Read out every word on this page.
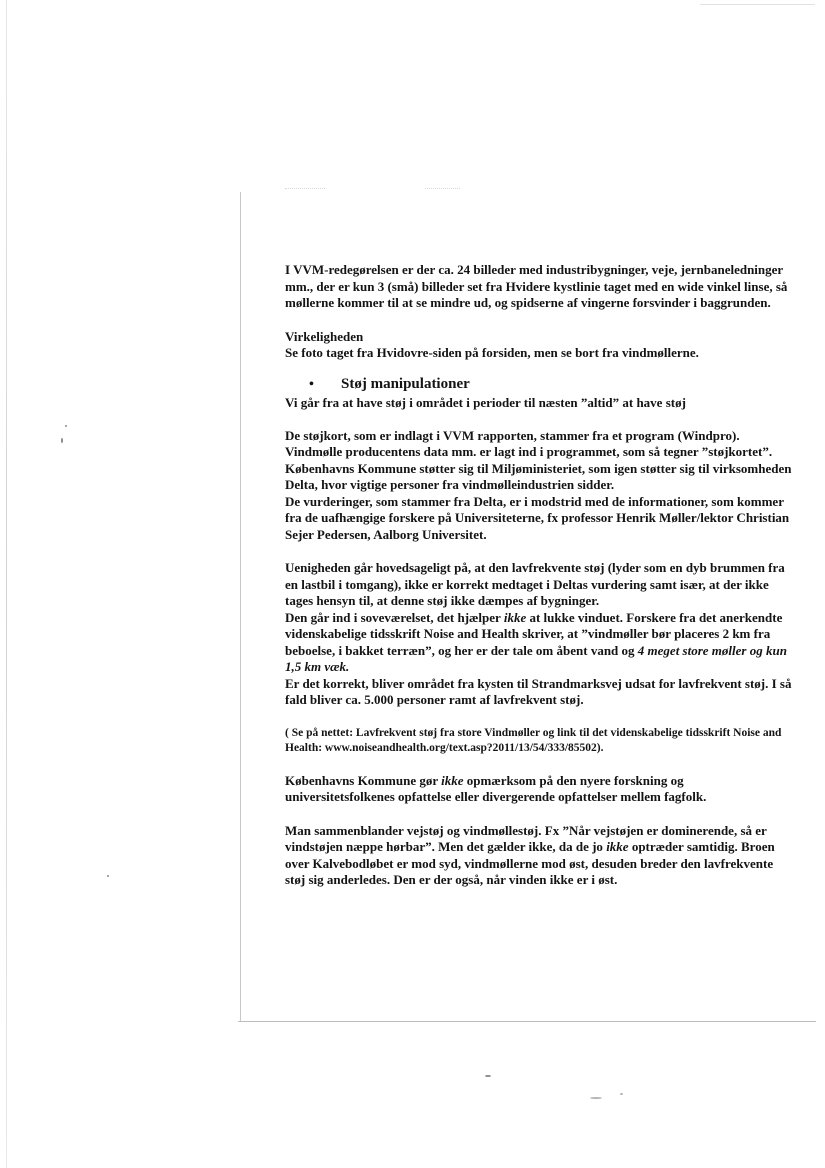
I VVM-redegørelsen er der ca. 24 billeder med industribygninger, veje, jernbaneledninger mm., der er kun 3 (små) billeder set fra Hvidere kystlinie taget med en wide vinkel linse, så møllerne kommer til at se mindre ud, og spidserne af vingerne forsvinder i baggrunden.

Virkeligheden

Se foto taget fra Hvidovre-siden på forsiden, men se bort fra vindmøllerne.

•	Støj manipulationer

Vi går fra at have støj i området i perioder til næsten ”altid” at have støj

De støjkort, som er indlagt i VVM rapporten, stammer fra et program (Windpro). Vindmølle producentens data mm. er lagt ind i programmet, som så tegner ”støjkortet”.

Københavns Kommune støtter sig til Miljøministeriet, som igen støtter sig til virksomheden Delta, hvor vigtige personer fra vindmølleindustrien sidder.

De vurderinger, som stammer fra Delta, er i modstrid med de informationer, som kommer fra de uafhængige forskere på Universiteterne, fx professor Henrik Møller/lektor Christian Sejer Pedersen, Aalborg Universitet.

Uenigheden går hovedsageligt på, at den lavfrekvente støj (lyder som en dyb brummen fra en lastbil i tomgang), ikke er korrekt medtaget i Deltas vurdering samt især, at der ikke tages hensyn til, at denne støj ikke dæmpes af bygninger.

Den går ind i soveværelset, det hjælper ikke at lukke vinduet. Forskere fra det anerkendte videnskabelige tidsskrift Noise and Health skriver, at ”vindmøller bør placeres 2 km fra beboelse, i bakket terræn”, og her er der tale om åbent vand og 4 meget store møller og kun 1,5 km væk.

Er det korrekt, bliver området fra kysten til Strandmarksvej udsat for lavfrekvent støj. I så fald bliver ca. 5.000 personer ramt af lavfrekvent støj.

( Se på nettet: Lavfrekvent støj fra store Vindmøller og link til det videnskabelige tidsskrift Noise and Health: www.noiseandhealth.org/text.asp?2011/13/54/333/85502).

Københavns Kommune gør ikke opmærksom på den nyere forskning og universitetsfolkenes opfattelse eller divergerende opfattelser mellem fagfolk.

Man sammenblander vejstøj og vindmøllestøj. Fx ”Når vejstøjen er dominerende, så er vindstøjen næppe hørbar”. Men det gælder ikke, da de jo ikke optræder samtidig. Broen over Kalvebodløbet er mod syd, vindmøllerne mod øst, desuden breder den lavfrekvente støj sig anderledes. Den er der også, når vinden ikke er i øst.
